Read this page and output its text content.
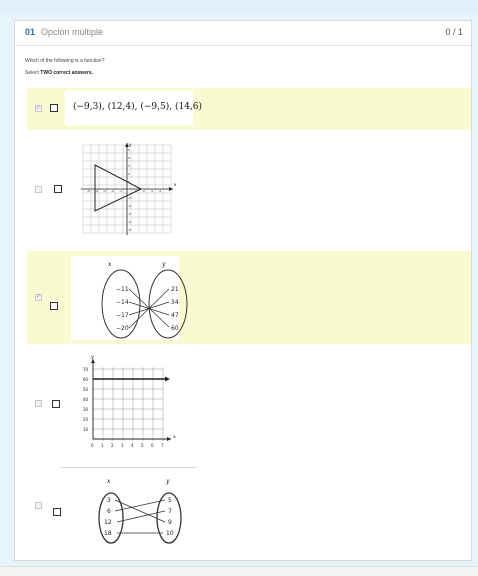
01 Opción múltiple	0 / 1
Which of the following is a function?
Select TWO correct answers.
✓	(−9,3), (12,4), (−9,5), (14,6)
x
y
-5 -4 -3 -2 -1	1 2 3 4
5
4
3
2
1
-1
-2
-3
-4
-5
✓
x	y
−11
−14
−17
−20
21
34
47
60
x
y
70
60
50
40
30
20
10
0 1 2 3 4 5 6 7
x	y
3
6
12
18
5
7
9
10
